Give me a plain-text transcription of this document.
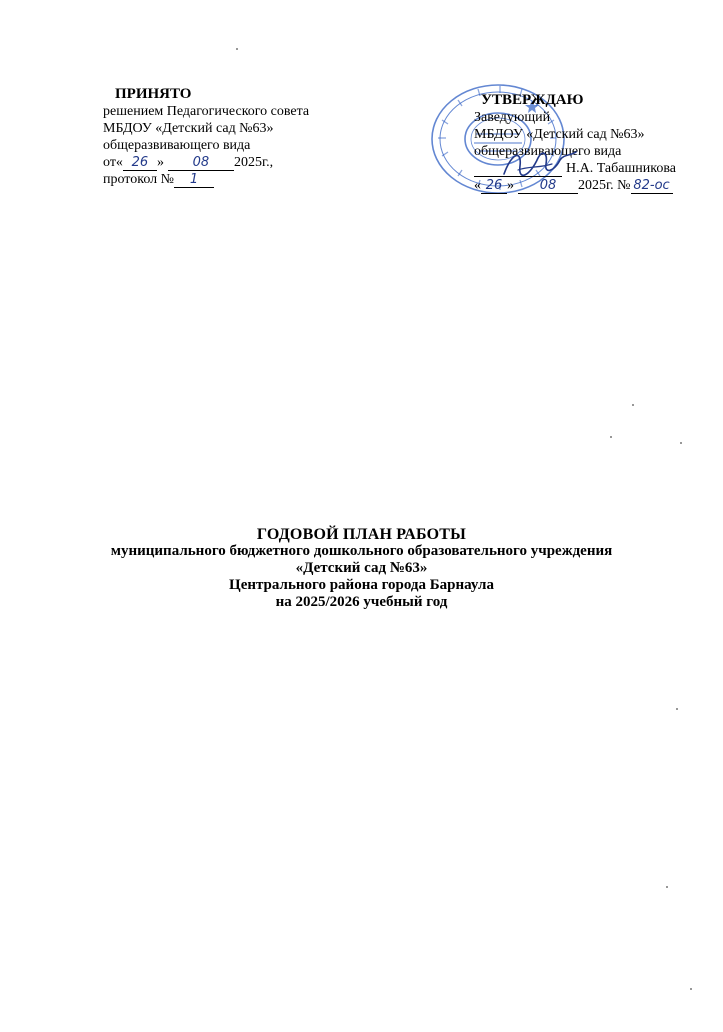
ПРИНЯТО
решением Педагогического совета
МБДОУ «Детский сад №63»
общеразвивающего вида
от« 26 » 08 2025г.,
протокол № 1
УТВЕРЖДАЮ
Заведующий
МБДОУ «Детский сад №63»
общеразвивающего вида
Н.А. Табашникова
« 26 » 08 2025г. № 82-ос
ГОДОВОЙ ПЛАН РАБОТЫ
муниципального бюджетного дошкольного образовательного учреждения
«Детский сад №63»
Центрального района города Барнаула
на 2025/2026 учебный год
